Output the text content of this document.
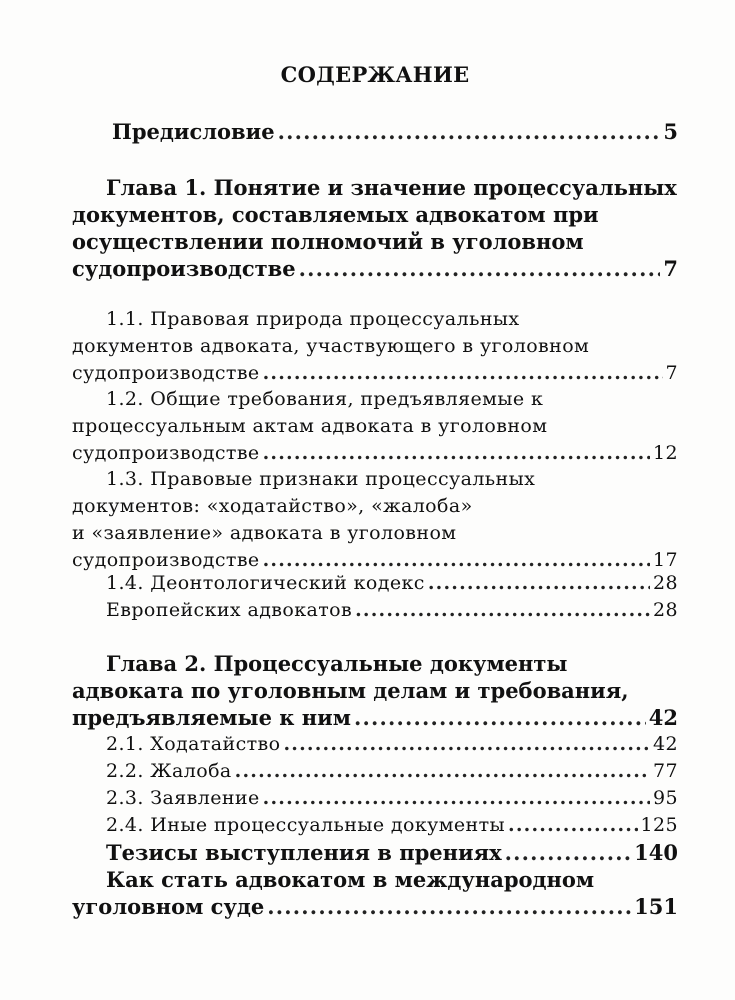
СОДЕРЖАНИЕ
Предисловие .....	5
Глава 1. Понятие и значение процессуальных
документов, составляемых адвокатом при
осуществлении полномочий в уголовном
судопроизводстве .....	7
1.1. Правовая природа процессуальных
документов адвоката, участвующего в уголовном
судопроизводстве .....	7
1.2. Общие требования, предъявляемые к
процессуальным актам адвоката в уголовном
судопроизводстве .....	12
1.3. Правовые признаки процессуальных
документов: «ходатайство», «жалоба»
и «заявление» адвоката в уголовном
судопроизводстве .....	17
1.4. Деонтологический кодекс .....	28
Европейских адвокатов .....	28
Глава 2. Процессуальные документы
адвоката по уголовным делам и требования,
предъявляемые к ним .....	42
2.1. Ходатайство .....	42
2.2. Жалоба .....	77
2.3. Заявление .....	95
2.4. Иные процессуальные документы .....	125
Тезисы выступления в прениях .....	140
Как стать адвокатом в международном
уголовном суде .....	151
